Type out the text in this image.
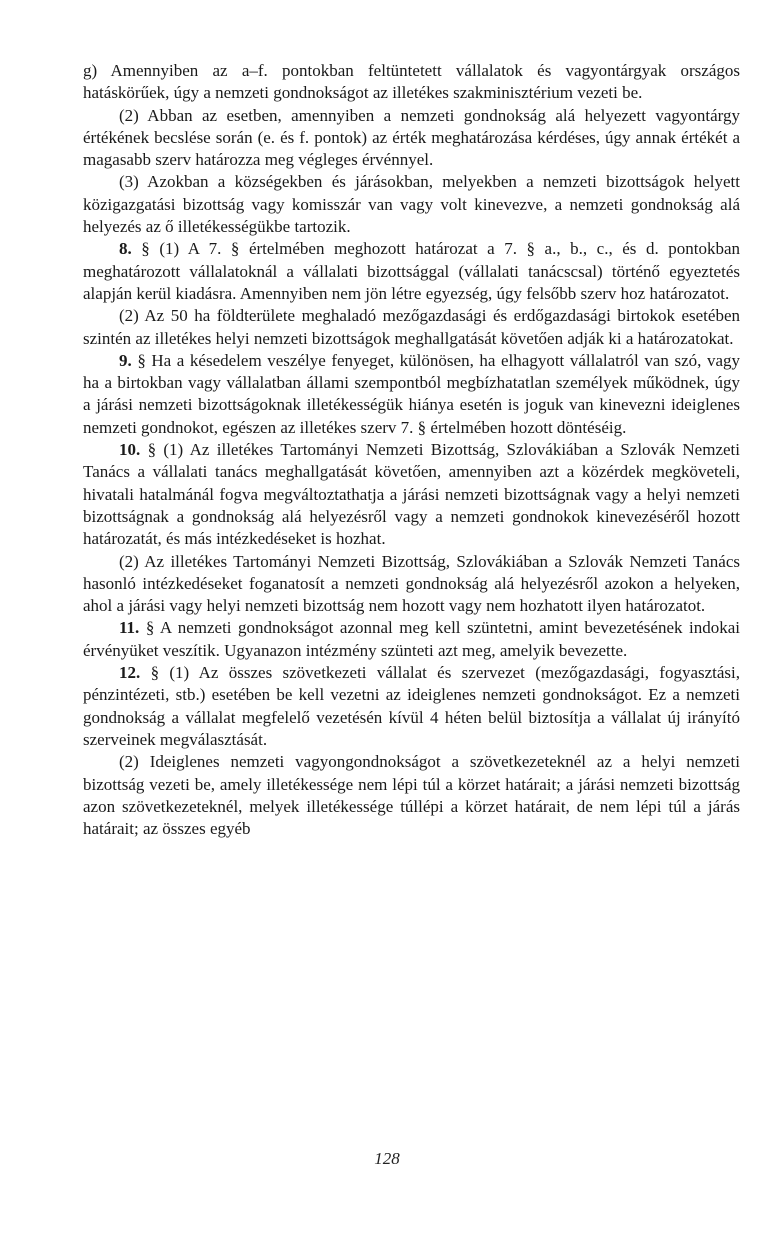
g) Amennyiben az a–f. pontokban feltüntetett vállalatok és vagyontárgyak országos hatáskörűek, úgy a nemzeti gondnokságot az illetékes szakminisztérium vezeti be.

(2) Abban az esetben, amennyiben a nemzeti gondnokság alá helyezett vagyontárgy értékének becslése során (e. és f. pontok) az érték meghatározása kérdéses, úgy annak értékét a magasabb szerv határozza meg végleges érvénnyel.

(3) Azokban a községekben és járásokban, melyekben a nemzeti bizottságok helyett közigazgatási bizottság vagy komisszár van vagy volt kinevezve, a nemzeti gondnokság alá helyezés az ő illetékességükbe tartozik.

8. § (1) A 7. § értelmében meghozott határozat a 7. § a., b., c., és d. pontokban meghatározott vállalatoknál a vállalati bizottsággal (vállalati tanácscsal) történő egyeztetés alapján kerül kiadásra. Amennyiben nem jön létre egyezség, úgy felsőbb szerv hoz határozatot.

(2) Az 50 ha földterülete meghaladó mezőgazdasági és erdőgazdasági birtokok esetében szintén az illetékes helyi nemzeti bizottságok meghallgatását követően adják ki a határozatokat.

9. § Ha a késedelem veszélye fenyeget, különösen, ha elhagyott vállalatról van szó, vagy ha a birtokban vagy vállalatban állami szempontból megbízhatatlan személyek működnek, úgy a járási nemzeti bizottságoknak illetékességük hiánya esetén is joguk van kinevezni ideiglenes nemzeti gondnokot, egészen az illetékes szerv 7. § értelmében hozott döntéséig.

10. § (1) Az illetékes Tartományi Nemzeti Bizottság, Szlovákiában a Szlovák Nemzeti Tanács a vállalati tanács meghallgatását követően, amennyiben azt a közérdek megköveteli, hivatali hatalmánál fogva megváltoztathatja a járási nemzeti bizottságnak vagy a helyi nemzeti bizottságnak a gondnokság alá helyezésről vagy a nemzeti gondnokok kinevezéséről hozott határozatát, és más intézkedéseket is hozhat.

(2) Az illetékes Tartományi Nemzeti Bizottság, Szlovákiában a Szlovák Nemzeti Tanács hasonló intézkedéseket foganatosít a nemzeti gondnokság alá helyezésről azokon a helyeken, ahol a járási vagy helyi nemzeti bizottság nem hozott vagy nem hozhatott ilyen határozatot.

11. § A nemzeti gondnokságot azonnal meg kell szüntetni, amint bevezetésének indokai érvényüket veszítik. Ugyanazon intézmény szünteti azt meg, amelyik bevezette.

12. § (1) Az összes szövetkezeti vállalat és szervezet (mezőgazdasági, fogyasztási, pénzintézeti, stb.) esetében be kell vezetni az ideiglenes nemzeti gondnokságot. Ez a nemzeti gondnokság a vállalat megfelelő vezetésén kívül 4 héten belül biztosítja a vállalat új irányító szerveinek megválasztását.

(2) Ideiglenes nemzeti vagyongondnokságot a szövetkezeteknél az a helyi nemzeti bizottság vezeti be, amely illetékessége nem lépi túl a körzet határait; a járási nemzeti bizottság azon szövetkezeteknél, melyek illetékessége túllépi a körzet határait, de nem lépi túl a járás határait; az összes egyéb

128
